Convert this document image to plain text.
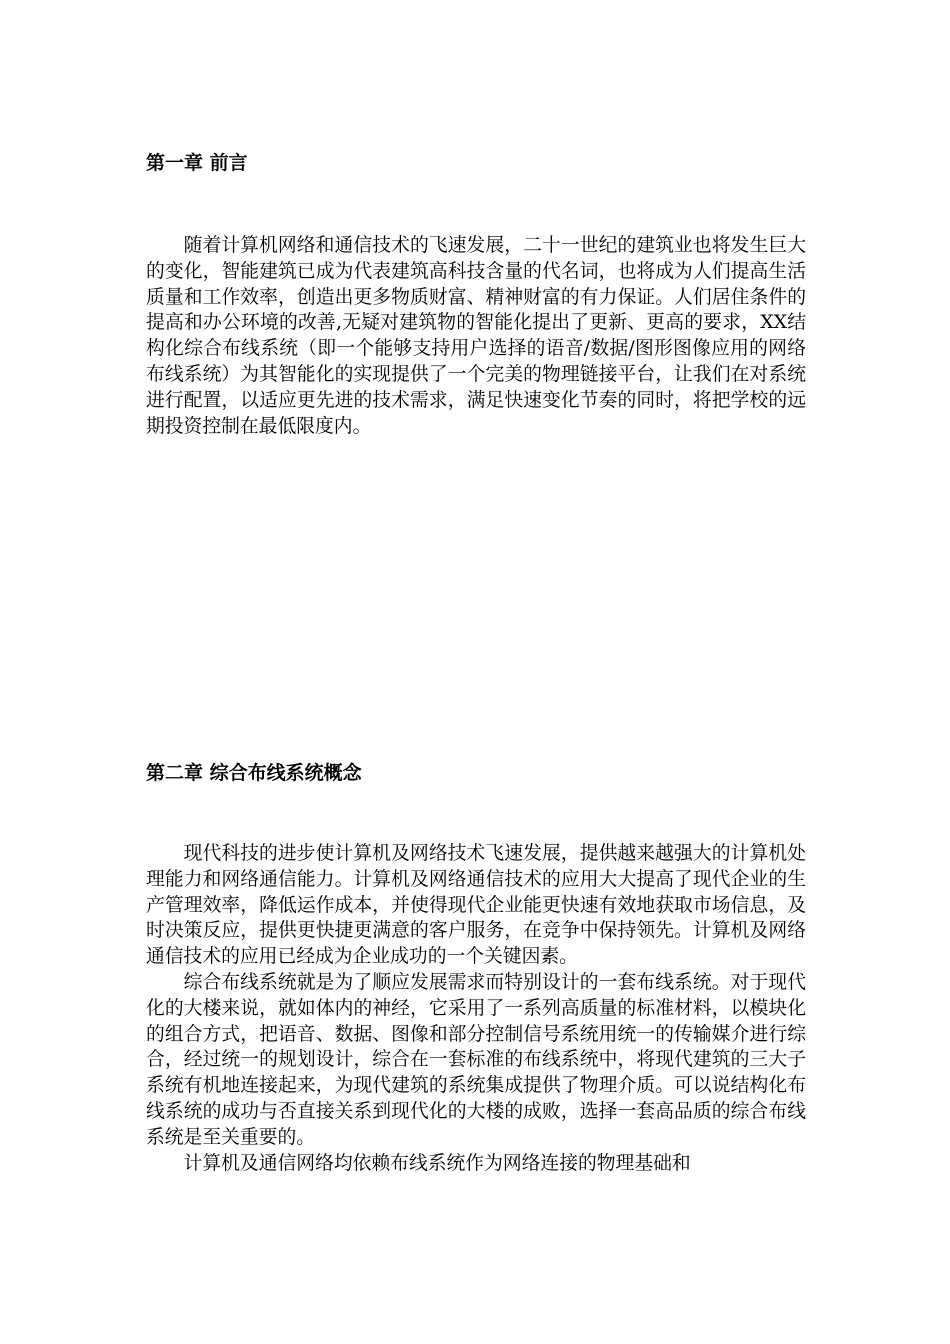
第一章 前言

随着计算机网络和通信技术的飞速发展，二十一世纪的建筑业也将发生巨大的变化，智能建筑已成为代表建筑高科技含量的代名词，也将成为人们提高生活质量和工作效率，创造出更多物质财富、精神财富的有力保证。人们居住条件的提高和办公环境的改善,无疑对建筑物的智能化提出了更新、更高的要求，XX结构化综合布线系统（即一个能够支持用户选择的语音/数据/图形图像应用的网络布线系统）为其智能化的实现提供了一个完美的物理链接平台，让我们在对系统进行配置，以适应更先进的技术需求，满足快速变化节奏的同时，将把学校的远期投资控制在最低限度内。

第二章 综合布线系统概念

现代科技的进步使计算机及网络技术飞速发展，提供越来越强大的计算机处理能力和网络通信能力。计算机及网络通信技术的应用大大提高了现代企业的生产管理效率，降低运作成本，并使得现代企业能更快速有效地获取市场信息，及时决策反应，提供更快捷更满意的客户服务，在竞争中保持领先。计算机及网络通信技术的应用已经成为企业成功的一个关键因素。

综合布线系统就是为了顺应发展需求而特别设计的一套布线系统。对于现代化的大楼来说，就如体内的神经，它采用了一系列高质量的标准材料，以模块化的组合方式，把语音、数据、图像和部分控制信号系统用统一的传输媒介进行综合，经过统一的规划设计，综合在一套标准的布线系统中，将现代建筑的三大子系统有机地连接起来，为现代建筑的系统集成提供了物理介质。可以说结构化布线系统的成功与否直接关系到现代化的大楼的成败，选择一套高品质的综合布线系统是至关重要的。

计算机及通信网络均依赖布线系统作为网络连接的物理基础和
